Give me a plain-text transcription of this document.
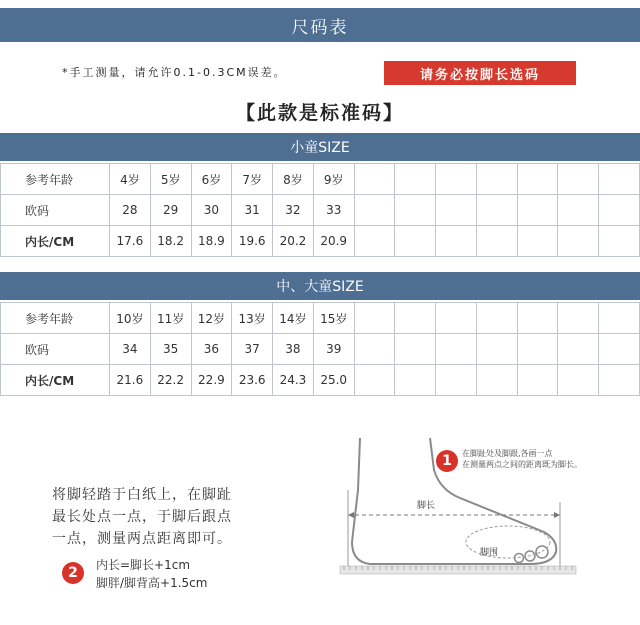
尺码表
*手工测量，请允许0.1-0.3CM误差。	请务必按脚长选码
【此款是标准码】
小童SIZE
参考年龄	4岁	5岁	6岁	7岁	8岁	9岁							
欧码	28	29	30	31	32	33							
内长/CM	17.6	18.2	18.9	19.6	20.2	20.9							
中、大童SIZE
参考年龄	10岁	11岁	12岁	13岁	14岁	15岁							
欧码	34	35	36	37	38	39							
内长/CM	21.6	22.2	22.9	23.6	24.3	25.0							
将脚轻踏于白纸上，在脚趾
最长处点一点，于脚后跟点
一点，测量两点距离即可。
2	内长=脚长+1cm
脚胖/脚背高+1.5cm
1	在脚趾处及脚跟,各画一点
在测量两点之间的距离既为脚长。
脚长
脚围
